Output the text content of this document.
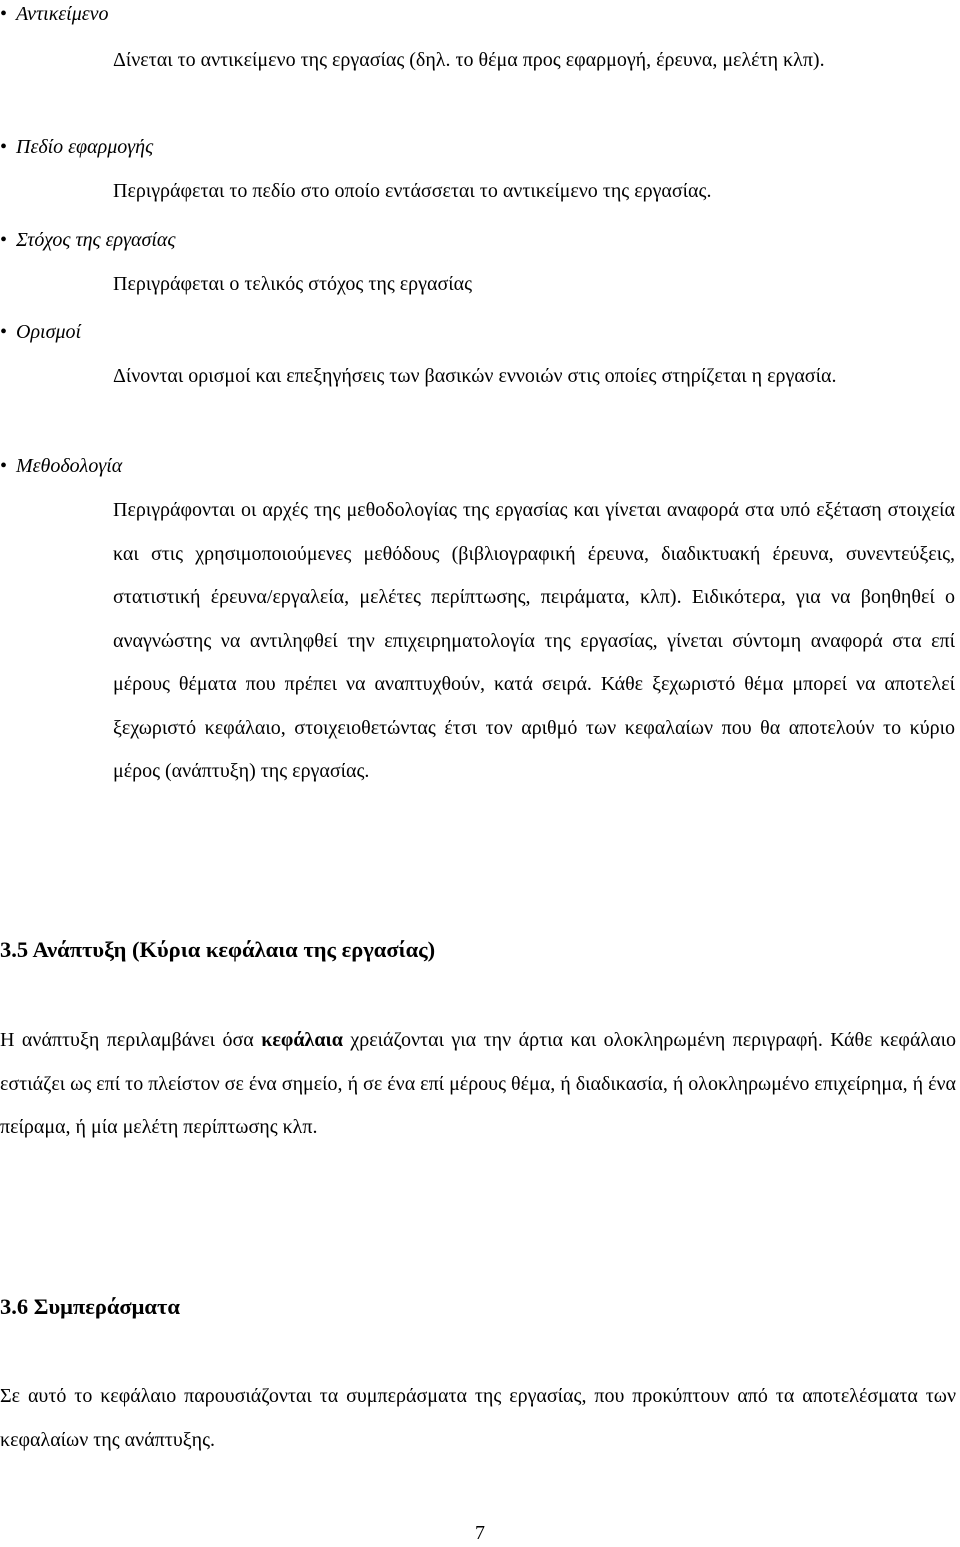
• Αντικείμενο
Δίνεται το αντικείμενο της εργασίας (δηλ. το θέμα προς εφαρμογή, έρευνα, μελέτη κλπ).
• Πεδίο εφαρμογής
Περιγράφεται το πεδίο στο οποίο εντάσσεται το αντικείμενο της εργασίας.
• Στόχος της εργασίας
Περιγράφεται ο τελικός στόχος της εργασίας
• Ορισμοί
Δίνονται ορισμοί και επεξηγήσεις των βασικών εννοιών στις οποίες στηρίζεται η εργασία.
• Μεθοδολογία
Περιγράφονται οι αρχές της μεθοδολογίας της εργασίας και γίνεται αναφορά στα υπό εξέταση στοιχεία και στις χρησιμοποιούμενες μεθόδους (βιβλιογραφική έρευνα, διαδικτυακή έρευνα, συνεντεύξεις, στατιστική έρευνα/εργαλεία, μελέτες περίπτωσης, πειράματα, κλπ). Ειδικότερα, για να βοηθηθεί ο αναγνώστης να αντιληφθεί την επιχειρηματολογία της εργασίας, γίνεται σύντομη αναφορά στα επί μέρους θέματα που πρέπει να αναπτυχθούν, κατά σειρά. Κάθε ξεχωριστό θέμα μπορεί να αποτελεί ξεχωριστό κεφάλαιο, στοιχειοθετώντας έτσι τον αριθμό των κεφαλαίων που θα αποτελούν το κύριο μέρος (ανάπτυξη) της εργασίας.
3.5 Ανάπτυξη (Κύρια κεφάλαια της εργασίας)
Η ανάπτυξη περιλαμβάνει όσα κεφάλαια χρειάζονται για την άρτια και ολοκληρωμένη περιγραφή. Κάθε κεφάλαιο εστιάζει ως επί το πλείστον σε ένα σημείο, ή σε ένα επί μέρους θέμα, ή διαδικασία, ή ολοκληρωμένο επιχείρημα, ή ένα πείραμα, ή μία μελέτη περίπτωσης κλπ.
3.6 Συμπεράσματα
Σε αυτό το κεφάλαιο παρουσιάζονται τα συμπεράσματα της εργασίας, που προκύπτουν από τα αποτελέσματα των κεφαλαίων της ανάπτυξης.
7
